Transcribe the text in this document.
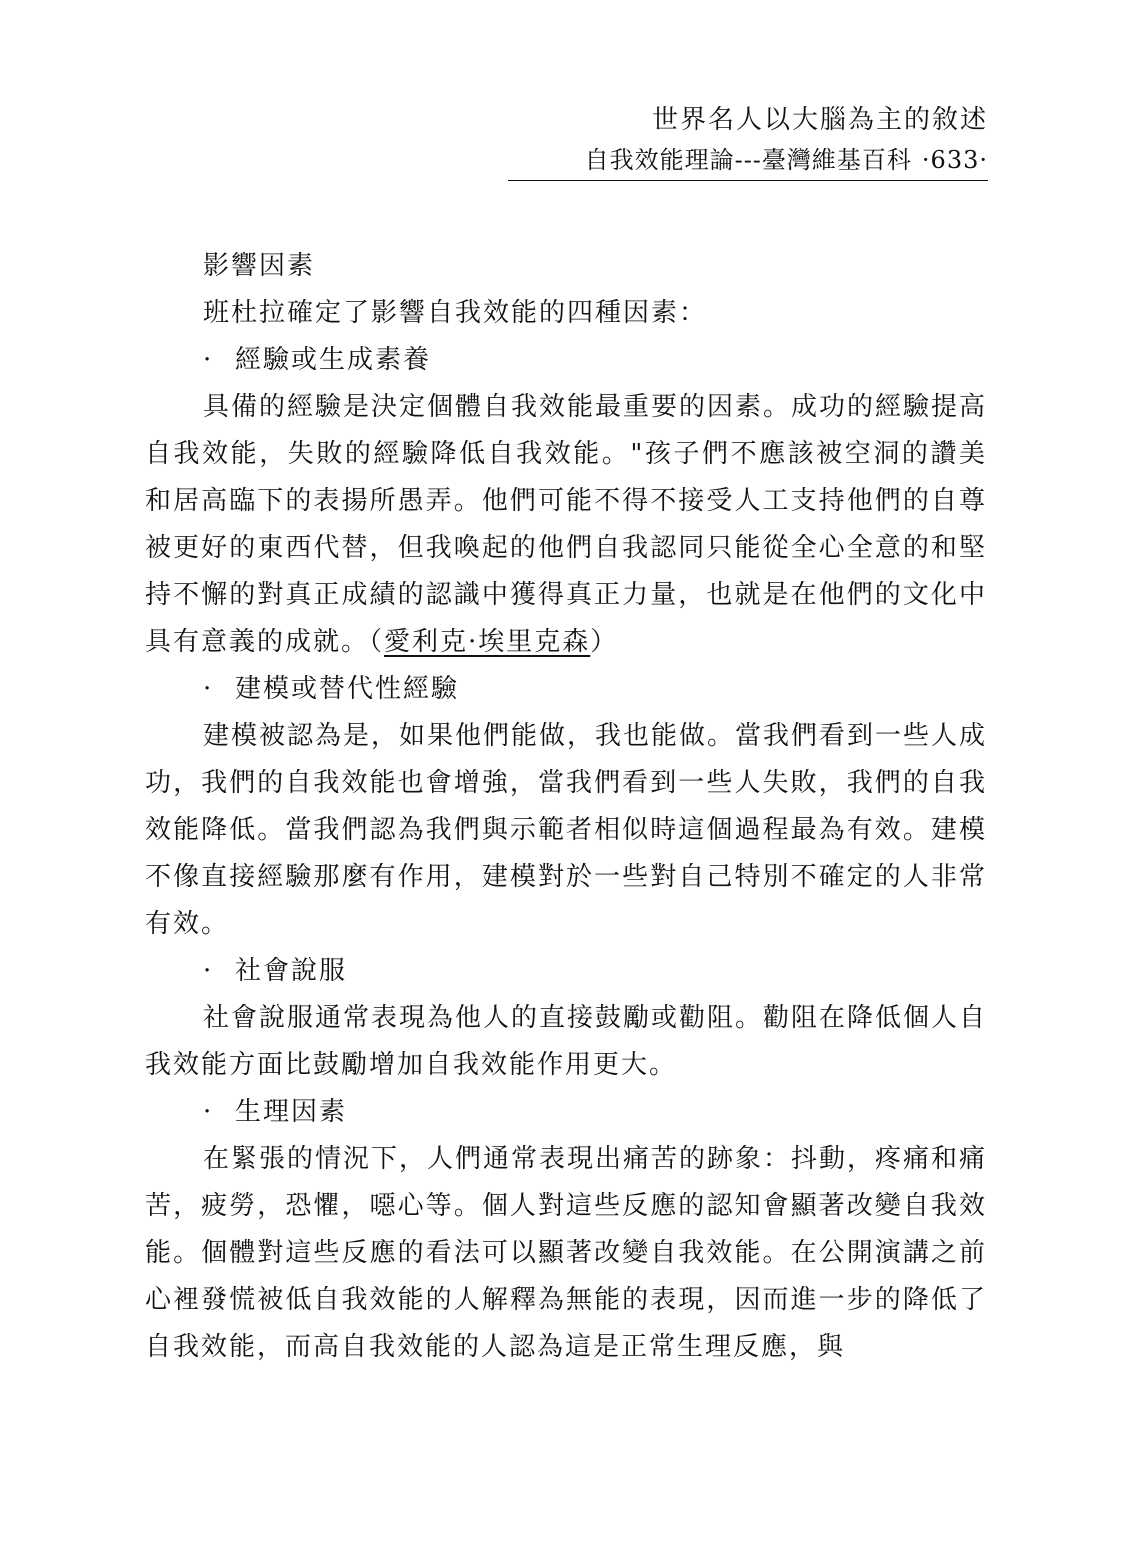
世界名人以大腦為主的敘述
自我效能理論---臺灣維基百科 ·633·
影響因素
班杜拉確定了影響自我效能的四種因素：
· 經驗或生成素養
具備的經驗是決定個體自我效能最重要的因素。成功的經驗提高自我效能，失敗的經驗降低自我效能。"孩子們不應該被空洞的讚美和居高臨下的表揚所愚弄。他們可能不得不接受人工支持他們的自尊被更好的東西代替，但我喚起的他們自我認同只能從全心全意的和堅持不懈的對真正成績的認識中獲得真正力量，也就是在他們的文化中具有意義的成就。（愛利克·埃里克森）
· 建模或替代性經驗
建模被認為是，如果他們能做，我也能做。當我們看到一些人成功，我們的自我效能也會增強，當我們看到一些人失敗，我們的自我效能降低。當我們認為我們與示範者相似時這個過程最為有效。建模不像直接經驗那麼有作用，建模對於一些對自己特別不確定的人非常有效。
· 社會說服
社會說服通常表現為他人的直接鼓勵或勸阻。勸阻在降低個人自我效能方面比鼓勵增加自我效能作用更大。
· 生理因素
在緊張的情況下，人們通常表現出痛苦的跡象：抖動，疼痛和痛苦，疲勞，恐懼，噁心等。個人對這些反應的認知會顯著改變自我效能。個體對這些反應的看法可以顯著改變自我效能。在公開演講之前心裡發慌被低自我效能的人解釋為無能的表現，因而進一步的降低了自我效能，而高自我效能的人認為這是正常生理反應，與
